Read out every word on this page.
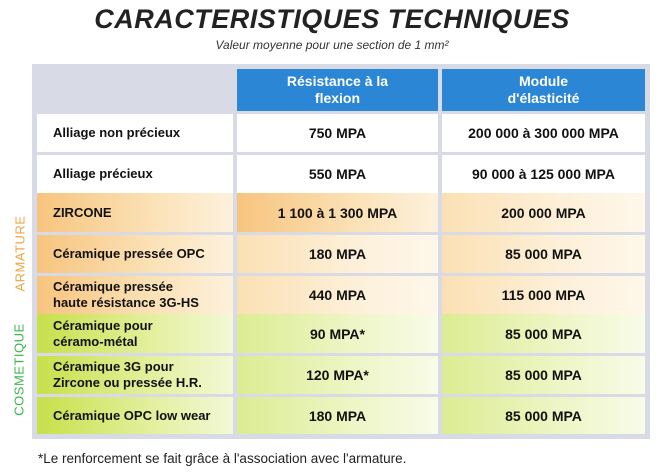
CARACTERISTIQUES TECHNIQUES
Valeur moyenne pour une section de 1 mm²
ARMATURE
COSMETIQUE
Résistance à la
flexion
Module
d'élasticité
Alliage non précieux	750 MPA	200 000 à 300 000 MPA
Alliage précieux	550 MPA	90 000 à 125 000 MPA
ZIRCONE	1 100 à 1 300 MPA	200 000 MPA
Céramique pressée OPC	180 MPA	85 000 MPA
Céramique pressée
haute résistance 3G-HS	440 MPA	115 000 MPA
Céramique pour
céramo-métal	90 MPA*	85 000 MPA
Céramique 3G pour
Zircone ou pressée H.R.	120 MPA*	85 000 MPA
Céramique OPC low wear	180 MPA	85 000 MPA
*Le renforcement se fait grâce à l'association avec l'armature.
